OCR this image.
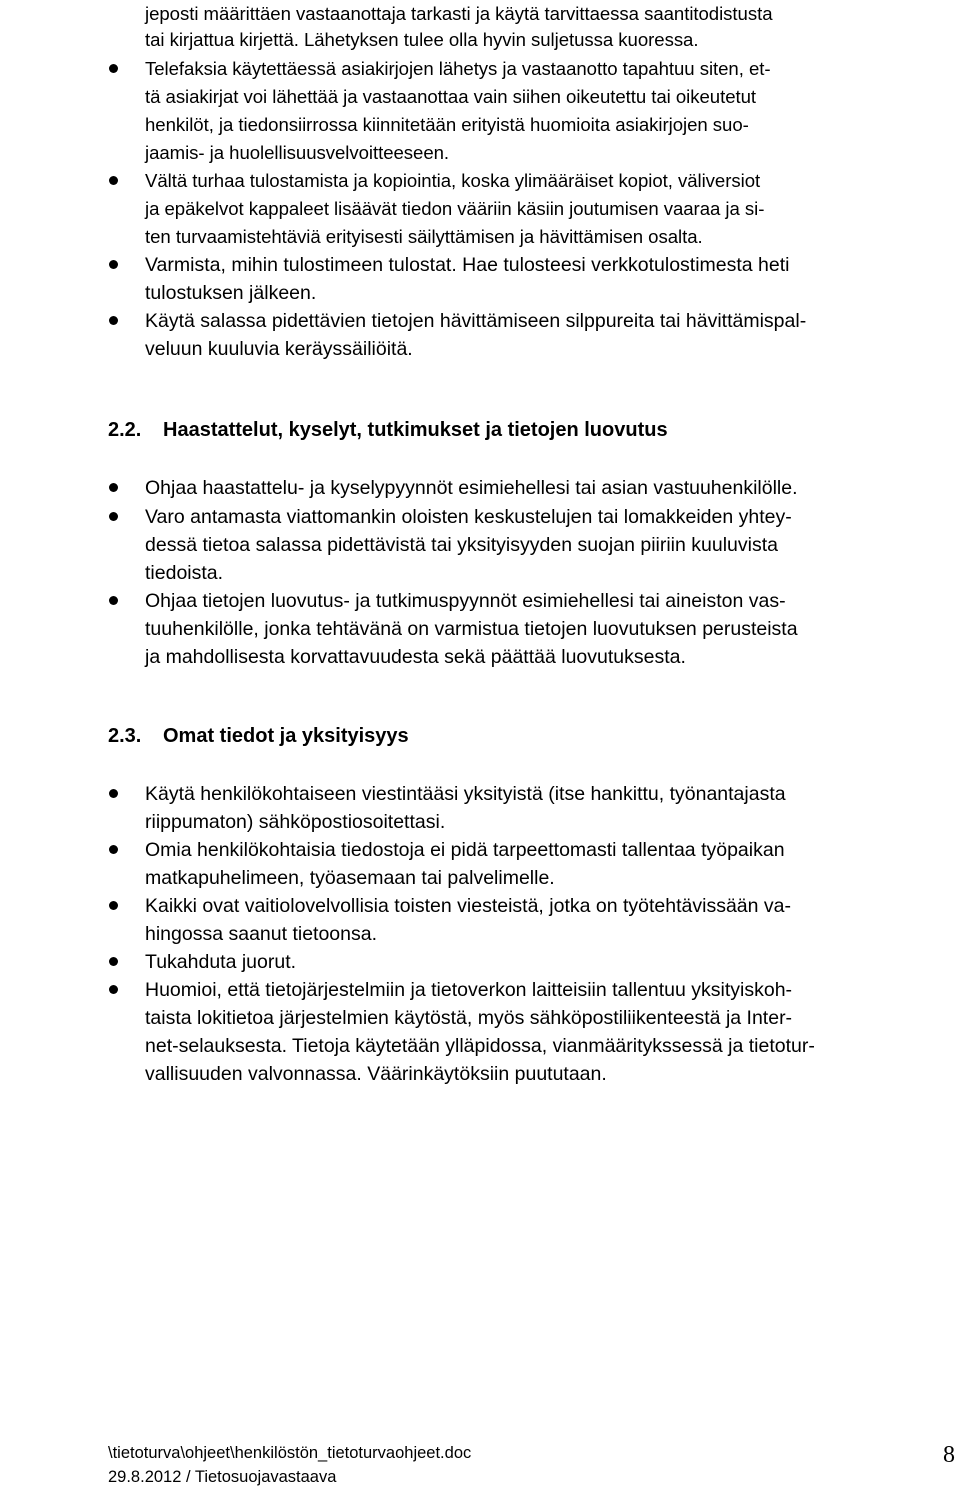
jeposti määrittäen vastaanottaja tarkasti ja käytä tarvittaessa saantitodistusta
tai kirjattua kirjettä. Lähetyksen tulee olla hyvin suljetussa kuoressa.
Telefaksia käytettäessä asiakirjojen lähetys ja vastaanotto tapahtuu siten, et-
tä asiakirjat voi lähettää ja vastaanottaa vain siihen oikeutettu tai oikeutetut
henkilöt, ja tiedonsiirrossa kiinnitetään erityistä huomioita asiakirjojen suo-
jaamis- ja huolellisuusvelvoitteeseen.
Vältä turhaa tulostamista ja kopiointia, koska ylimääräiset kopiot, väliversiot
ja epäkelvot kappaleet lisäävät tiedon vääriin käsiin joutumisen vaaraa ja si-
ten turvaamistehtäviä erityisesti säilyttämisen ja hävittämisen osalta.
Varmista, mihin tulostimeen tulostat. Hae tulosteesi verkkotulostimesta heti
tulostuksen jälkeen.
Käytä salassa pidettävien tietojen hävittämiseen silppureita tai hävittämispal-
veluun kuuluvia keräyssäiliöitä.
2.2. Haastattelut, kyselyt, tutkimukset ja tietojen luovutus
Ohjaa haastattelu- ja kyselypyynnöt esimiehellesi tai asian vastuuhenkilölle.
Varo antamasta viattomankin oloisten keskustelujen tai lomakkeiden yhtey-
dessä tietoa salassa pidettävistä tai yksityisyyden suojan piiriin kuuluvista
tiedoista.
Ohjaa tietojen luovutus- ja tutkimuspyynnöt esimiehellesi tai aineiston vas-
tuuhenkilölle, jonka tehtävänä on varmistua tietojen luovutuksen perusteista
ja mahdollisesta korvattavuudesta sekä päättää luovutuksesta.
2.3. Omat tiedot ja yksityisyys
Käytä henkilökohtaiseen viestintääsi yksityistä (itse hankittu, työnantajasta
riippumaton) sähköpostiosoitettasi.
Omia henkilökohtaisia tiedostoja ei pidä tarpeettomasti tallentaa työpaikan
matkapuhelimeen, työasemaan tai palvelimelle.
Kaikki ovat vaitiolovelvollisia toisten viesteistä, jotka on työtehtävissään va-
hingossa saanut tietoonsa.
Tukahduta juorut.
Huomioi, että tietojärjestelmiin ja tietoverkon laitteisiin tallentuu yksityiskoh-
taista lokitietoa järjestelmien käytöstä, myös sähköpostiliikenteestä ja Inter-
net-selauksesta. Tietoja käytetään ylläpidossa, vianmääritykssessä ja tietotur-
vallisuuden valvonnassa. Väärinkäytöksiin puututaan.
\tietoturva\ohjeet\henkilöstön_tietoturvaohjeet.doc
29.8.2012 / Tietosuojavastaava
8
